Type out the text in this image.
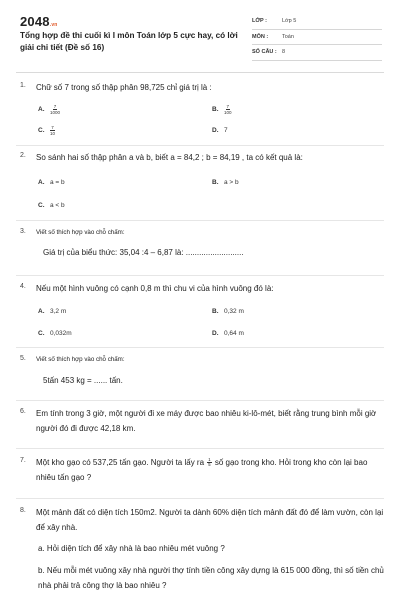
2048.vn
Tổng hợp đề thi cuối kì I môn Toán lớp 5 cực hay, có lời giải chi tiết (Đề số 16)
LỚP :	Lớp 5
MÔN :	Toán
SỐ CÂU : 8
1. Chữ số 7 trong số thập phân 98,725 chỉ giá trị là :
A.	$\frac{7}{1000}$	B.	$\frac{7}{100}$
C.	$\frac{7}{10}$	D. 7
2. So sánh hai số thập phân a và b, biết a = 84,2 ; b = 84,19 , ta có kết quả là:
A. a = b	B. a > b
C. a < b
3. Viết số thích hợp vào chỗ chấm:
Giá trị của biểu thức: 35,04 :4 – 6,87 là: ..........................
4. Nếu một hình vuông có cạnh 0,8 m thì chu vi của hình vuông đó là:
A. 3,2 m	B. 0,32 m
C. 0,032m	D. 0,64 m
5. Viết số thích hợp vào chỗ chấm:
5tấn 453 kg = ...... tấn.
6. Em tính trong 3 giờ, một người đi xe máy được bao nhiêu ki-lô-mét, biết rằng trung bình mỗi giờ người đó đi được 42,18 km.
7. Một kho gạo có 537,25 tấn gạo. Người ta lấy ra $\frac{1}{5}$ số gạo trong kho. Hỏi trong kho còn lại bao nhiêu tấn gạo ?
8. Một mảnh đất có diện tích 150m2. Người ta dành 60% diện tích mảnh đất đó để làm vườn, còn lại để xây nhà.
a. Hỏi diện tích để xây nhà là bao nhiêu mét vuông ?
b. Nếu mỗi mét vuông xây nhà người thợ tính tiền công xây dựng là 615 000 đồng, thì số tiền chủ nhà phải trả công thợ là bao nhiêu ?
